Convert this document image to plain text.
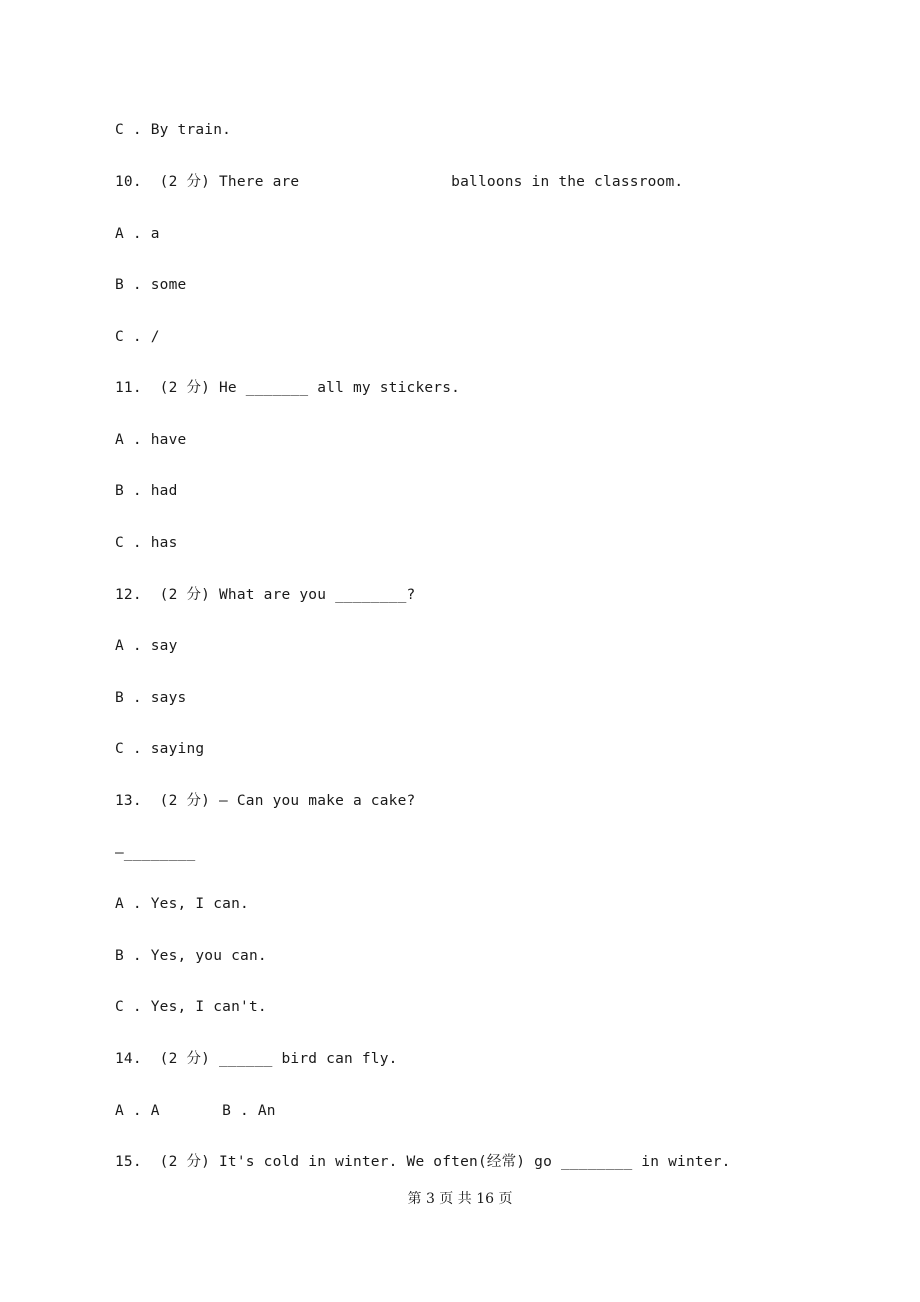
C . By train.
10.  (2 分) There are                 balloons in the classroom.
A . a
B . some
C . /
11.  (2 分) He _______ all my stickers.
A . have
B . had
C . has
12.  (2 分) What are you ________?
A . say
B . says
C . saying
13.  (2 分) — Can you make a cake?
—________
A . Yes, I can.
B . Yes, you can.
C . Yes, I can't.
14.  (2 分) ______ bird can fly.
A . A       B . An
15.  (2 分) It's cold in winter. We often(经常) go ________ in winter.
第 3 页 共 16 页
